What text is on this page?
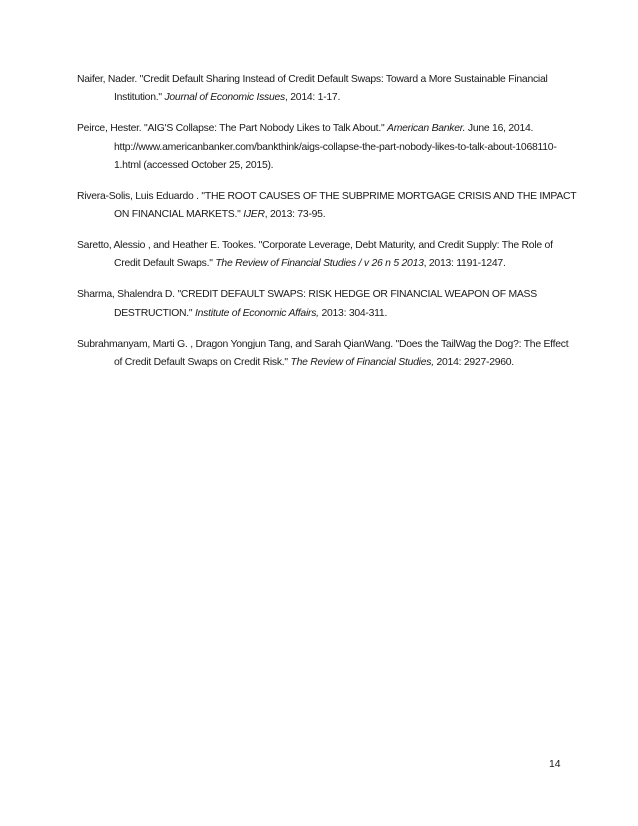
Naifer, Nader. "Credit Default Sharing Instead of Credit Default Swaps: Toward a More Sustainable Financial Institution." Journal of Economic Issues, 2014: 1-17.

Peirce, Hester. "AIG'S Collapse: The Part Nobody Likes to Talk About." American Banker. June 16, 2014. http://www.americanbanker.com/bankthink/aigs-collapse-the-part-nobody-likes-to-talk-about-1068110-1.html (accessed October 25, 2015).

Rivera-Solis, Luis Eduardo . "THE ROOT CAUSES OF THE SUBPRIME MORTGAGE CRISIS AND THE IMPACT ON FINANCIAL MARKETS." IJER, 2013: 73-95.

Saretto, Alessio , and Heather E. Tookes. "Corporate Leverage, Debt Maturity, and Credit Supply: The Role of Credit Default Swaps." The Review of Financial Studies / v 26 n 5 2013, 2013: 1191-1247.

Sharma, Shalendra D. "CREDIT DEFAULT SWAPS: RISK HEDGE OR FINANCIAL WEAPON OF MASS DESTRUCTION." Institute of Economic Affairs, 2013: 304-311.

Subrahmanyam, Marti G. , Dragon Yongjun Tang, and Sarah QianWang. "Does the TailWag the Dog?: The Effect of Credit Default Swaps on Credit Risk." The Review of Financial Studies, 2014: 2927-2960.

14
